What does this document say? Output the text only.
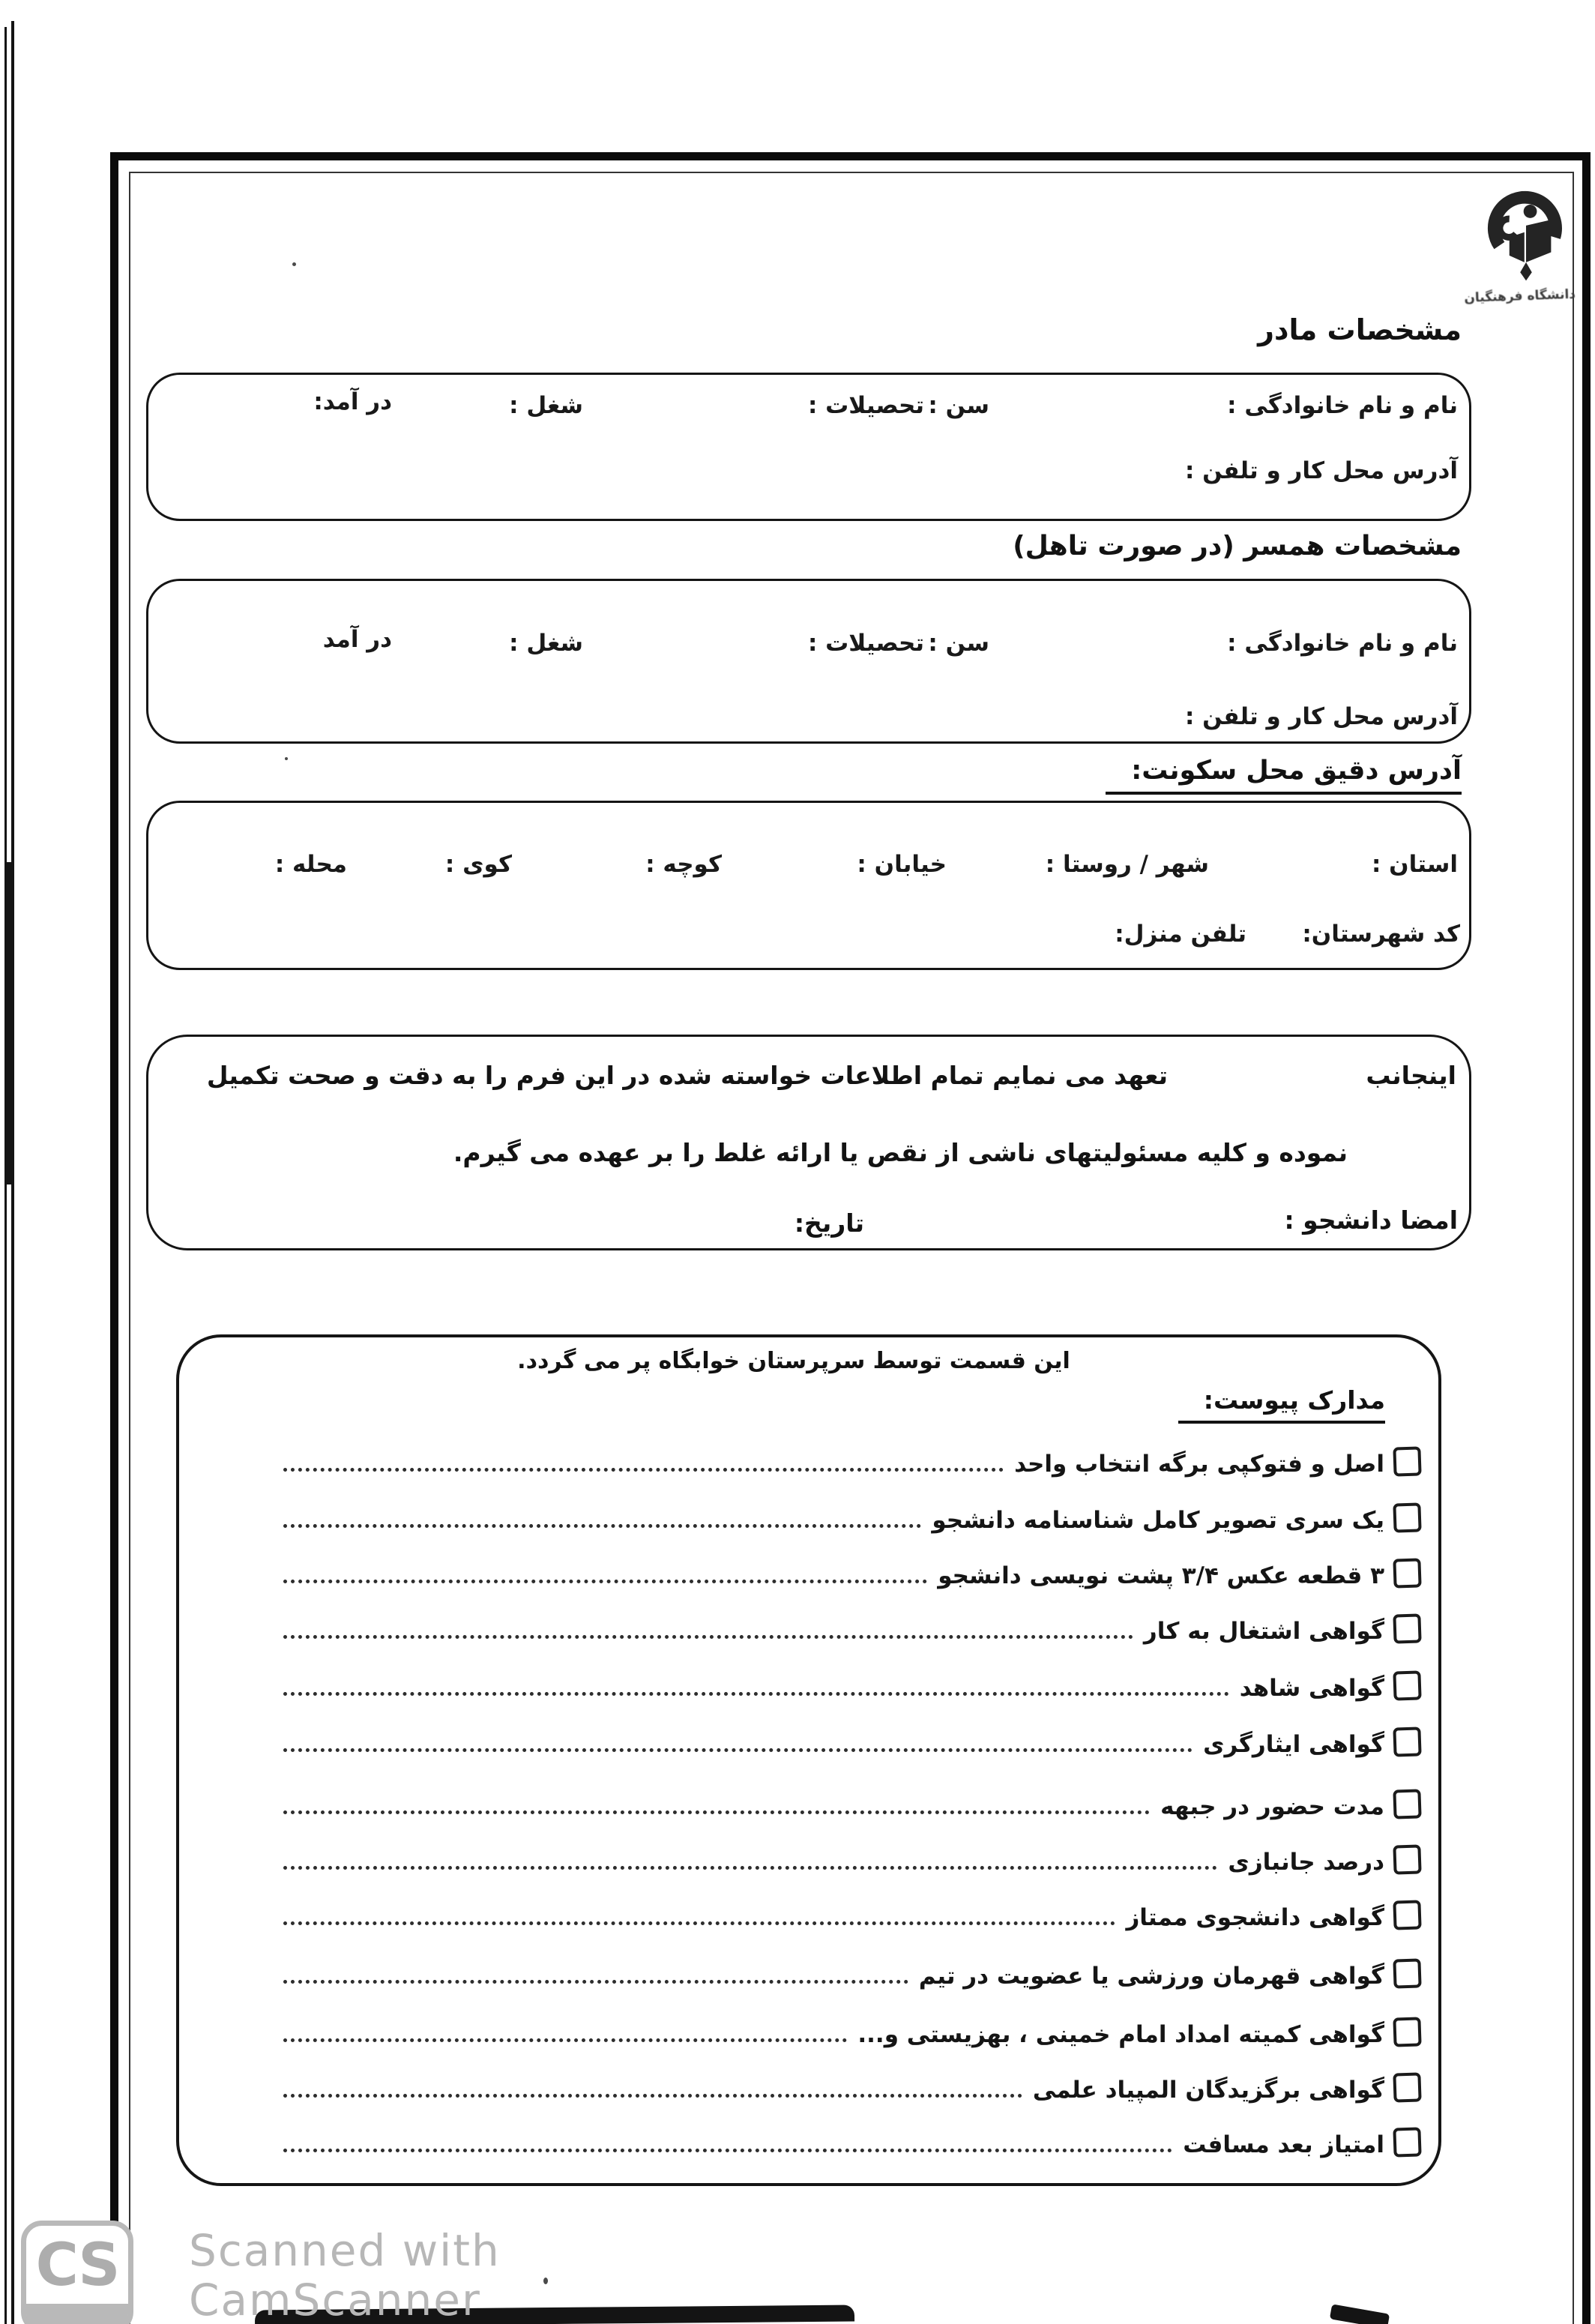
دانشگاه فرهنگیان
مشخصات مادر
نام و نام خانوادگی :
سن :
تحصیلات :
شغل :
در آمد:
آدرس محل کار و تلفن :
مشخصات همسر (در صورت تاهل)
نام و نام خانوادگی :
سن :
تحصیلات :
شغل :
در آمد
آدرس محل کار و تلفن :
آدرس دقیق محل سکونت:
استان :
شهر / روستا :
خیابان :
کوچه :
کوی :
محله :
کد شهرستان:
تلفن منزل:
اینجانب
تعهد می نمایم تمام اطلاعات خواسته شده در این فرم را به دقت و صحت تکمیل
نموده و کلیه مسئولیتهای ناشی از نقص یا ارائه غلط را بر عهده می گیرم.
امضا دانشجو :
تاریخ:
این قسمت توسط سرپرستان خوابگاه پر می گردد.
مدارک پیوست:
اصل و فتوکپی برگه انتخاب واحد
یک سری تصویر کامل شناسنامه دانشجو
۳ قطعه عکس ۳/۴ پشت نویسی دانشجو
گواهی اشتغال به کار
گواهی شاهد
گواهی ایثارگری
مدت حضور در جبهه
درصد جانبازی
گواهی دانشجوی ممتاز
گواهی قهرمان ورزشی یا عضویت در تیم
گواهی کمیته امداد امام خمینی ، بهزیستی و...
گواهی برگزیدگان المپیاد علمی
امتیاز بعد مسافت
CS Scanned with
CamScanner
